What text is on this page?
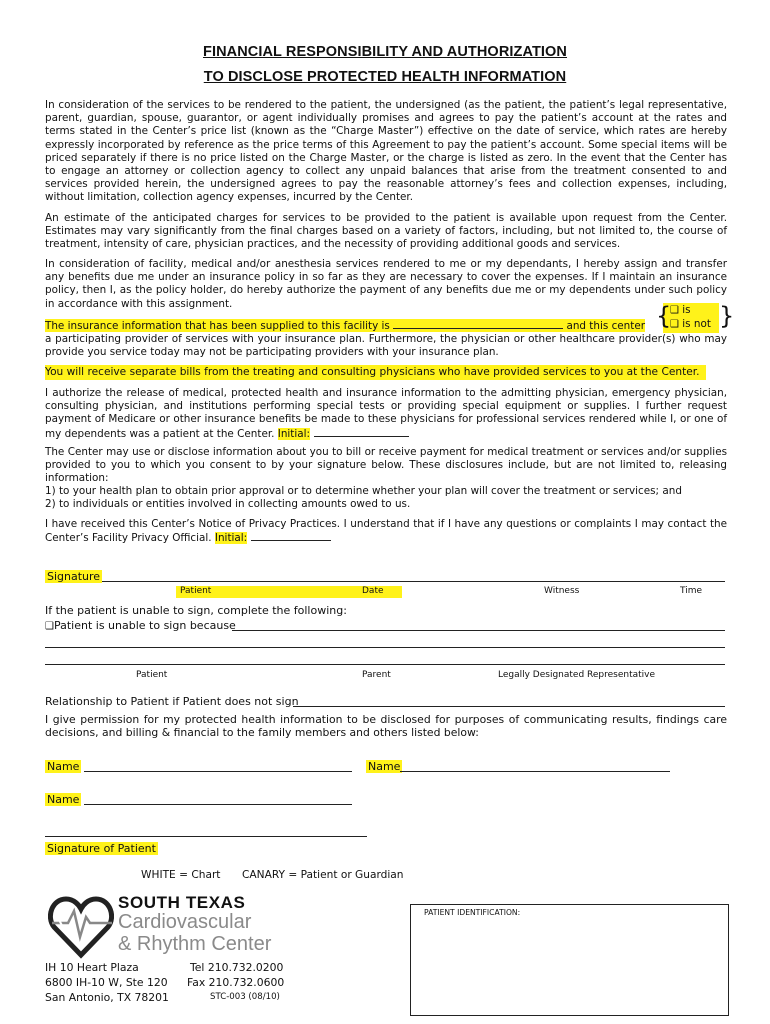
FINANCIAL RESPONSIBILITY AND AUTHORIZATION
TO DISCLOSE PROTECTED HEALTH INFORMATION

In consideration of the services to be rendered to the patient, the undersigned (as the patient, the patient’s legal representative, parent, guardian, spouse, guarantor, or agent individually promises and agrees to pay the patient’s account at the rates and terms stated in the Center’s price list (known as the “Charge Master”) effective on the date of service, which rates are hereby expressly incorporated by reference as the price terms of this Agreement to pay the patient’s account. Some special items will be priced separately if there is no price listed on the Charge Master, or the charge is listed as zero. In the event that the Center has to engage an attorney or collection agency to collect any unpaid balances that arise from the treatment consented to and services provided herein, the undersigned agrees to pay the reasonable attorney’s fees and collection expenses, including, without limitation, collection agency expenses, incurred by the Center.

An estimate of the anticipated charges for services to be provided to the patient is available upon request from the Center. Estimates may vary significantly from the final charges based on a variety of factors, including, but not limited to, the course of treatment, intensity of care, physician practices, and the necessity of providing additional goods and services.

In consideration of facility, medical and/or anesthesia services rendered to me or my dependants, I hereby assign and transfer any benefits due me under an insurance policy in so far as they are necessary to cover the expenses. If I maintain an insurance policy, then I, as the policy holder, do hereby authorize the payment of any benefits due me or my dependents under such policy in accordance with this assignment.	{ }
❑ is
❑ is not
The insurance information that has been supplied to this facility is	and this center

a participating provider of services with your insurance plan. Furthermore, the physician or other healthcare provider(s) who may provide you service today may not be participating providers with your insurance plan.

You will receive separate bills from the treating and consulting physicians who have provided services to you at the Center.

I authorize the release of medical, protected health and insurance information to the admitting physician, emergency physician, consulting physician, and institutions performing special tests or providing special equipment or supplies. I further request payment of Medicare or other insurance benefits be made to these physicians for professional services rendered while I, or one of my dependents was a patient at the Center. Initial:

The Center may use or disclose information about you to bill or receive payment for medical treatment or services and/or supplies provided to you to which you consent to by your signature below. These disclosures include, but are not limited to, releasing information:

1) to your health plan to obtain prior approval or to determine whether your plan will cover the treatment or services; and
2) to individuals or entities involved in collecting amounts owed to us.

I have received this Center’s Notice of Privacy Practices. I understand that if I have any questions or complaints I may contact the Center’s Facility Privacy Official. Initial:

Signature
Patient	Date	Witness	Time
If the patient is unable to sign, complete the following:
❑Patient is unable to sign because
Patient	Parent	Legally Designated Representative
Relationship to Patient if Patient does not sign

I give permission for my protected health information to be disclosed for purposes of communicating results, findings care decisions, and billing & financial to the family members and others listed below:

Name	Name
Name
Signature of Patient
WHITE = Chart CANARY = Patient or Guardian
SOUTH TEXAS
Cardiovascular
& Rhythm Center
IH 10 Heart Plaza
6800 IH-10 W, Ste 120
San Antonio, TX 78201
Tel 210.732.0200
Fax 210.732.0600
STC-003 (08/10)
PATIENT IDENTIFICATION:
